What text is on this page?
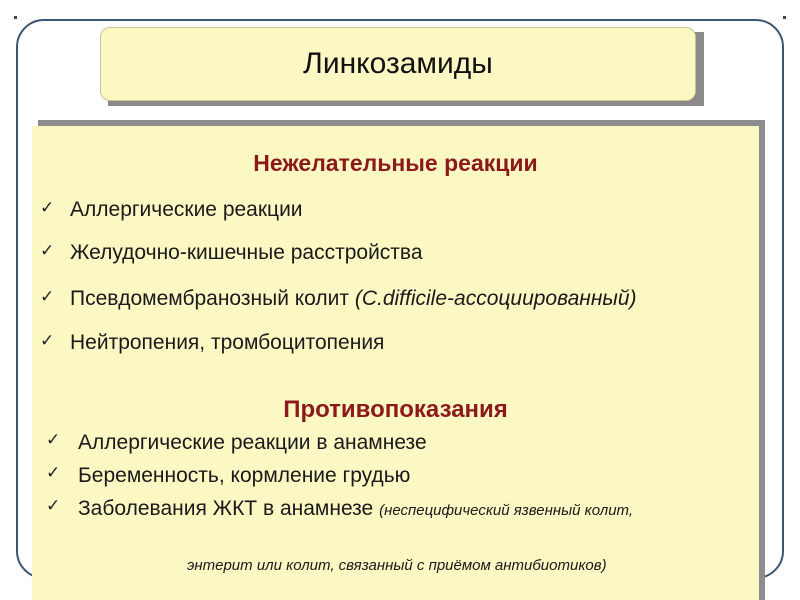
Линкозамиды
Нежелательные реакции
✓ Аллергические реакции
✓ Желудочно-кишечные расстройства
✓ Псевдомембранозный колит (C.difficile-ассоциированный)
✓ Нейтропения, тромбоцитопения
Противопоказания
✓ Аллергические реакции в анамнезе
✓ Беременность, кормление грудью
✓ Заболевания ЖКТ в анамнезе (неспецифический язвенный колит,
энтерит или колит, связанный с приёмом антибиотиков)
